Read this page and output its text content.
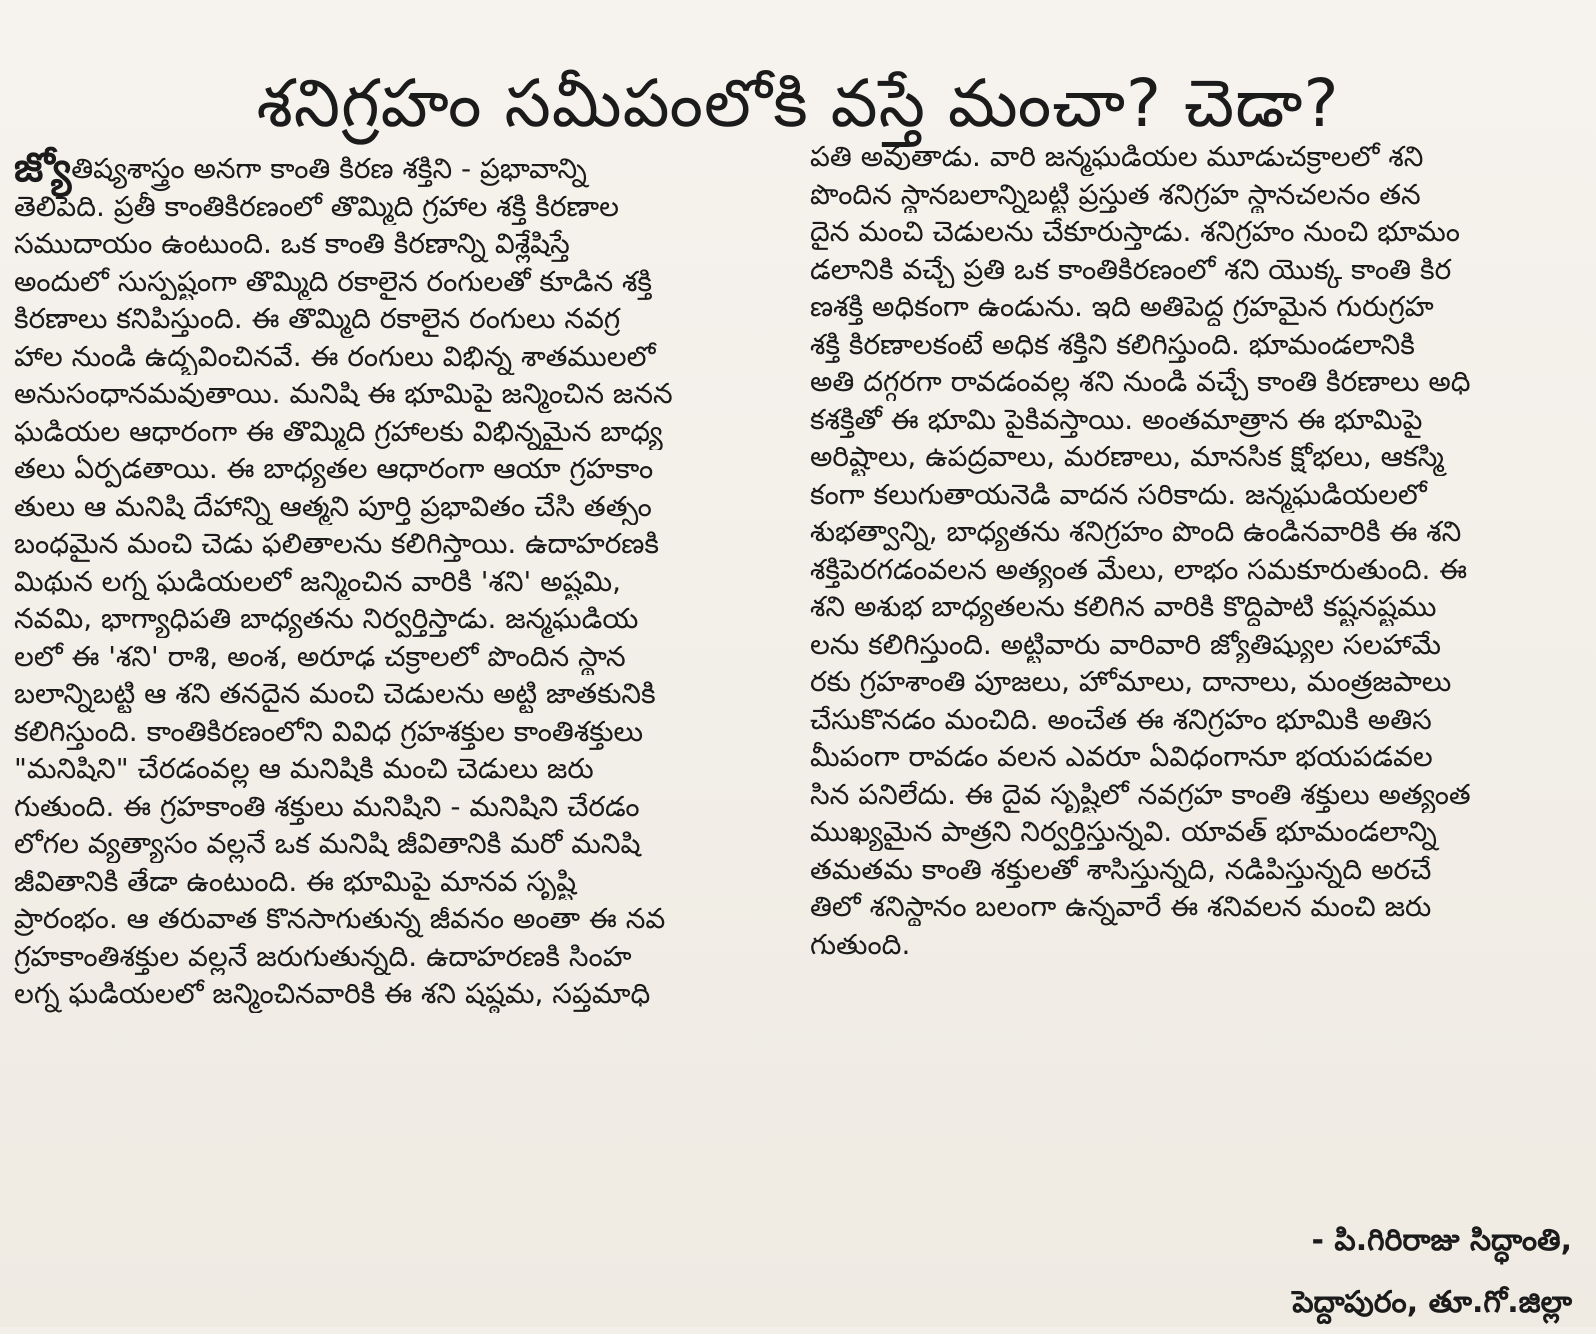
శనిగ్రహం సమీపంలోకి వస్తే మంచా? చెడా?
జ్యోతిష్యశాస్త్రం అనగా కాంతి కిరణ శక్తిని - ప్రభావాన్ని
తెలిపేది. ప్రతీ కాంతికిరణంలో తొమ్మిది గ్రహాల శక్తి కిరణాల
సముదాయం ఉంటుంది. ఒక కాంతి కిరణాన్ని విశ్లేషిస్తే
అందులో సుస్పష్టంగా తొమ్మిది రకాలైన రంగులతో కూడిన శక్తి
కిరణాలు కనిపిస్తుంది. ఈ తొమ్మిది రకాలైన రంగులు నవగ్ర
హాల నుండి ఉద్భవించినవే. ఈ రంగులు విభిన్న శాతములలో
అనుసంధానమవుతాయి. మనిషి ఈ భూమిపై జన్మించిన జనన
ఘడియల ఆధారంగా ఈ తొమ్మిది గ్రహాలకు విభిన్నమైన బాధ్య
తలు ఏర్పడతాయి. ఈ బాధ్యతల ఆధారంగా ఆయా గ్రహకాం
తులు ఆ మనిషి దేహాన్ని ఆత్మని పూర్తి ప్రభావితం చేసి తత్సం
బంధమైన మంచి చెడు ఫలితాలను కలిగిస్తాయి. ఉదాహరణకి
మిథున లగ్న ఘడియలలో జన్మించిన వారికి 'శని' అష్టమి,
నవమి, భాగ్యాధిపతి బాధ్యతను నిర్వర్తిస్తాడు. జన్మఘడియ
లలో ఈ 'శని' రాశి, అంశ, అరూఢ చక్రాలలో పొందిన స్థాన
బలాన్నిబట్టి ఆ శని తనదైన మంచి చెడులను అట్టి జాతకునికి
కలిగిస్తుంది. కాంతికిరణంలోని వివిధ గ్రహశక్తుల కాంతిశక్తులు
"మనిషిని" చేరడంవల్ల ఆ మనిషికి మంచి చెడులు జరు
గుతుంది. ఈ గ్రహకాంతి శక్తులు మనిషిని - మనిషిని చేరడం
లోగల వ్యత్యాసం వల్లనే ఒక మనిషి జీవితానికి మరో మనిషి
జీవితానికి తేడా ఉంటుంది. ఈ భూమిపై మానవ సృష్టి
ప్రారంభం. ఆ తరువాత కొనసాగుతున్న జీవనం అంతా ఈ నవ
గ్రహకాంతిశక్తుల వల్లనే జరుగుతున్నది. ఉదాహరణకి సింహ
లగ్న ఘడియలలో జన్మించినవారికి ఈ శని షష్ఠమ, సప్తమాధి
పతి అవుతాడు. వారి జన్మఘడియల మూడుచక్రాలలో శని
పొందిన స్థానబలాన్నిబట్టి ప్రస్తుత శనిగ్రహ స్థానచలనం తన
దైన మంచి చెడులను చేకూరుస్తాడు. శనిగ్రహం నుంచి భూమం
డలానికి వచ్చే ప్రతి ఒక కాంతికిరణంలో శని యొక్క కాంతి కిర
ణశక్తి అధికంగా ఉండును. ఇది అతిపెద్ద గ్రహమైన గురుగ్రహ
శక్తి కిరణాలకంటే అధిక శక్తిని కలిగిస్తుంది. భూమండలానికి
అతి దగ్గరగా రావడంవల్ల శని నుండి వచ్చే కాంతి కిరణాలు అధి
కశక్తితో ఈ భూమి పైకివస్తాయి. అంతమాత్రాన ఈ భూమిపై
అరిష్టాలు, ఉపద్రవాలు, మరణాలు, మానసిక క్షోభలు, ఆకస్మి
కంగా కలుగుతాయనెడి వాదన సరికాదు. జన్మఘడియలలో
శుభత్వాన్ని, బాధ్యతను శనిగ్రహం పొంది ఉండినవారికి ఈ శని
శక్తిపెరగడంవలన అత్యంత మేలు, లాభం సమకూరుతుంది. ఈ
శని అశుభ బాధ్యతలను కలిగిన వారికి కొద్దిపాటి కష్టనష్టము
లను కలిగిస్తుంది. అట్టివారు వారివారి జ్యోతిష్యుల సలహామే
రకు గ్రహశాంతి పూజలు, హోమాలు, దానాలు, మంత్రజపాలు
చేసుకొనడం మంచిది. అంచేత ఈ శనిగ్రహం భూమికి అతిస
మీపంగా రావడం వలన ఎవరూ ఏవిధంగానూ భయపడవల
సిన పనిలేదు. ఈ దైవ సృష్టిలో నవగ్రహ కాంతి శక్తులు అత్యంత
ముఖ్యమైన పాత్రని నిర్వర్తిస్తున్నవి. యావత్ భూమండలాన్ని
తమతమ కాంతి శక్తులతో శాసిస్తున్నది, నడిపిస్తున్నది అరచే
తిలో శనిస్థానం బలంగా ఉన్నవారే ఈ శనివలన మంచి జరు
గుతుంది.
- పి.గిరిరాజు సిద్ధాంతి,
పెద్దాపురం, తూ.గో.జిల్లా
